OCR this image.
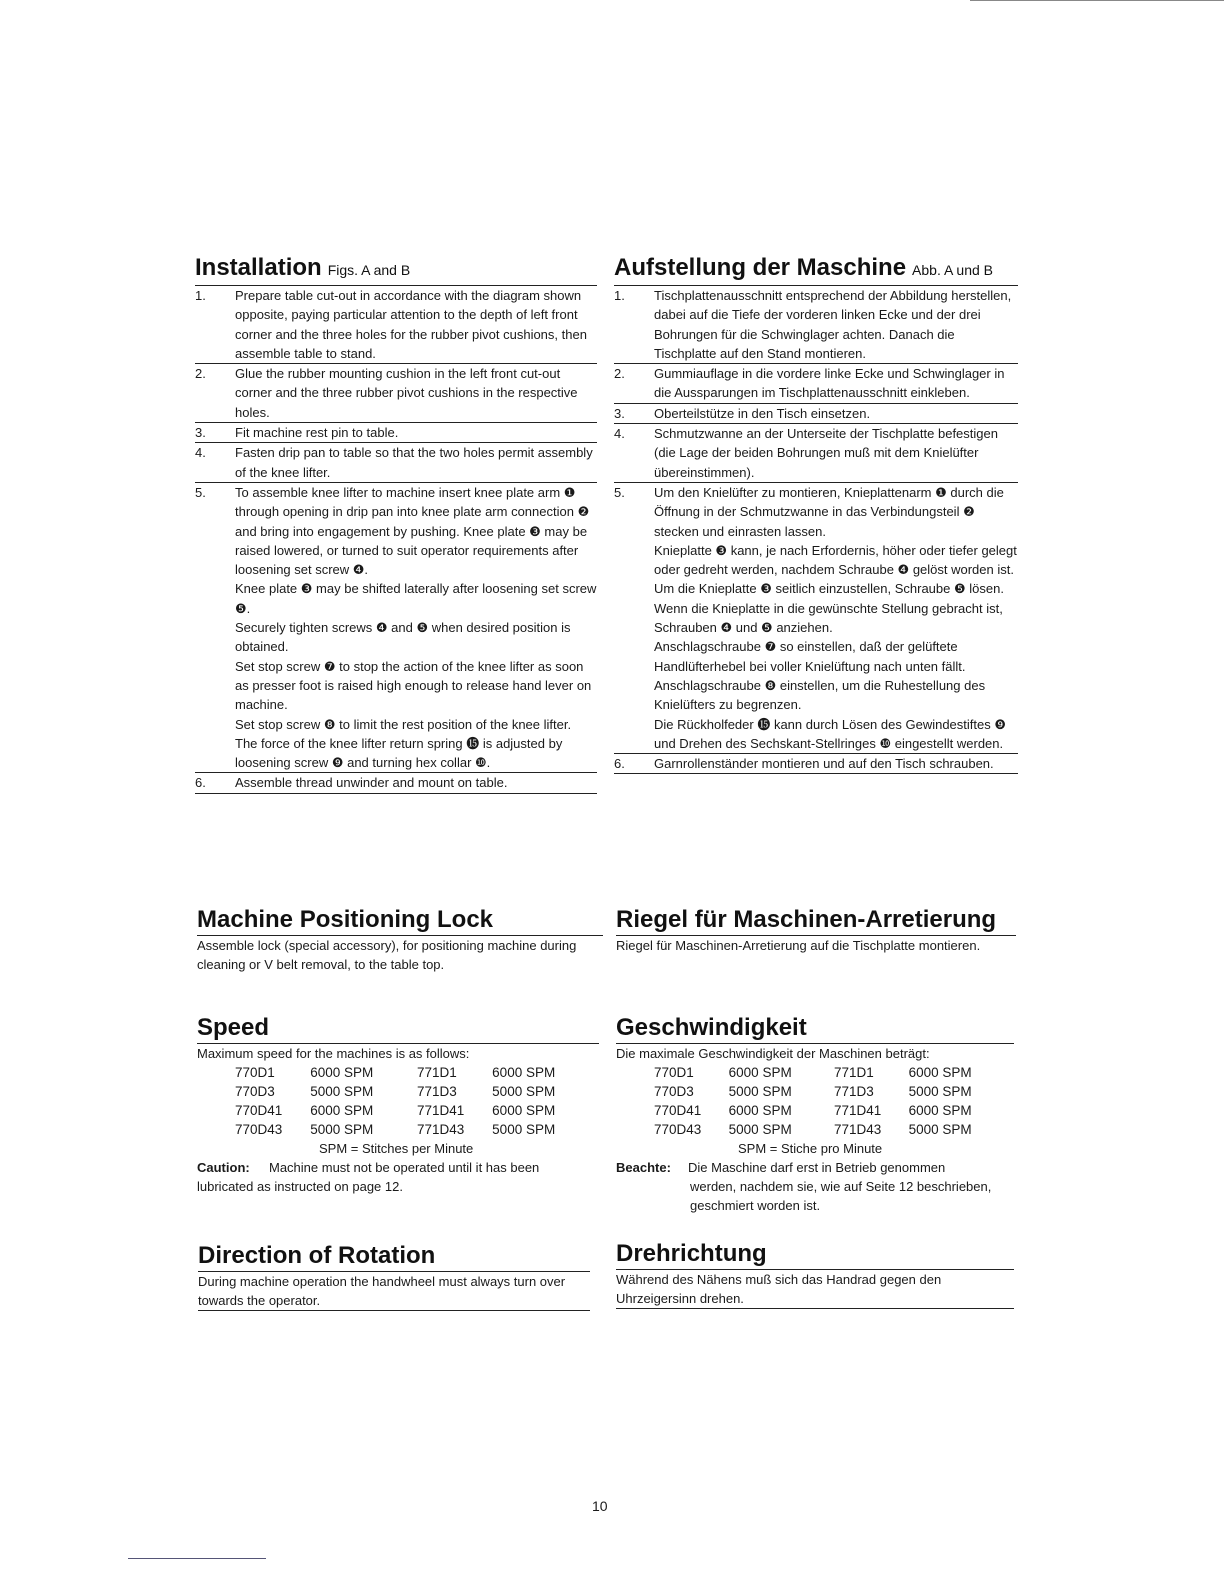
Installation Figs. A and B
1.	Prepare table cut-out in accordance with the diagram shown opposite, paying particular attention to the depth of left front corner and the three holes for the rubber pivot cushions, then assemble table to stand.

2.	Glue the rubber mounting cushion in the left front cut-out corner and the three rubber pivot cushions in the respective holes.

3.	Fit machine rest pin to table.

4.	Fasten drip pan to table so that the two holes permit assembly of the knee lifter.

5.	To assemble knee lifter to machine insert knee plate arm ❶ through opening in drip pan into knee plate arm connection ❷ and bring into engagement by pushing. Knee plate ❸ may be raised lowered, or turned to suit operator requirements after loosening set screw ❹.

Knee plate ❸ may be shifted laterally after loosening set screw ❺.

Securely tighten screws ❹ and ❺ when desired position is obtained.

Set stop screw ❼ to stop the action of the knee lifter as soon as presser foot is raised high enough to release hand lever on machine.

Set stop screw ❽ to limit the rest position of the knee lifter.

The force of the knee lifter return spring ⓯ is adjusted by loosening screw ❾ and turning hex collar ❿.

6.	Assemble thread unwinder and mount on table.

Aufstellung der Maschine Abb. A und B
1.	Tischplattenausschnitt entsprechend der Abbildung herstellen, dabei auf die Tiefe der vorderen linken Ecke und der drei Bohrungen für die Schwinglager achten. Danach die Tischplatte auf den Stand montieren.

2.	Gummiauflage in die vordere linke Ecke und Schwinglager in die Aussparungen im Tischplattenausschnitt einkleben.

3.	Oberteilstütze in den Tisch einsetzen.

4.	Schmutzwanne an der Unterseite der Tischplatte befestigen (die Lage der beiden Bohrungen muß mit dem Knielüfter übereinstimmen).

5.	Um den Knielüfter zu montieren, Knieplattenarm ❶ durch die Öffnung in der Schmutzwanne in das Verbindungsteil ❷ stecken und einrasten lassen.

Knieplatte ❸ kann, je nach Erfordernis, höher oder tiefer gelegt oder gedreht werden, nachdem Schraube ❹ gelöst worden ist.

Um die Knieplatte ❸ seitlich einzustellen, Schraube ❺ lösen.

Wenn die Knieplatte in die gewünschte Stellung gebracht ist, Schrauben ❹ und ❺ anziehen.

Anschlagschraube ❼ so einstellen, daß der gelüftete Handlüfterhebel bei voller Knielüftung nach unten fällt.

Anschlagschraube ❽ einstellen, um die Ruhestellung des Knielüfters zu begrenzen.

Die Rückholfeder ⓯ kann durch Lösen des Gewindestiftes ❾ und Drehen des Sechskant-Stellringes ❿ eingestellt werden.

6.	Garnrollenständer montieren und auf den Tisch schrauben.

Machine Positioning Lock

Assemble lock (special accessory), for positioning machine during cleaning or V belt removal, to the table top.

Riegel für Maschinen-Arretierung

Riegel für Maschinen-Arretierung auf die Tischplatte montieren.

Speed

Maximum speed for the machines is as follows:

770D1	6000 SPM	771D1	6000 SPM
770D3	5000 SPM	771D3	5000 SPM
770D41	6000 SPM	771D41	6000 SPM
770D43	5000 SPM	771D43	5000 SPM
SPM = Stitches per Minute
Caution:	Machine must not be operated until it has been
lubricated as instructed on page 12.
Geschwindigkeit

Die maximale Geschwindigkeit der Maschinen beträgt:

770D1	6000 SPM	771D1	6000 SPM
770D3	5000 SPM	771D3	5000 SPM
770D41	6000 SPM	771D41	6000 SPM
770D43	5000 SPM	771D43	5000 SPM
SPM = Stiche pro Minute
Beachte:	Die Maschine darf erst in Betrieb genommen
werden, nachdem sie, wie auf Seite 12 beschrieben, geschmiert worden ist.
Direction of Rotation

During machine operation the handwheel must always turn over towards the operator.

Drehrichtung

Während des Nähens muß sich das Handrad gegen den Uhrzeigersinn drehen.

10
